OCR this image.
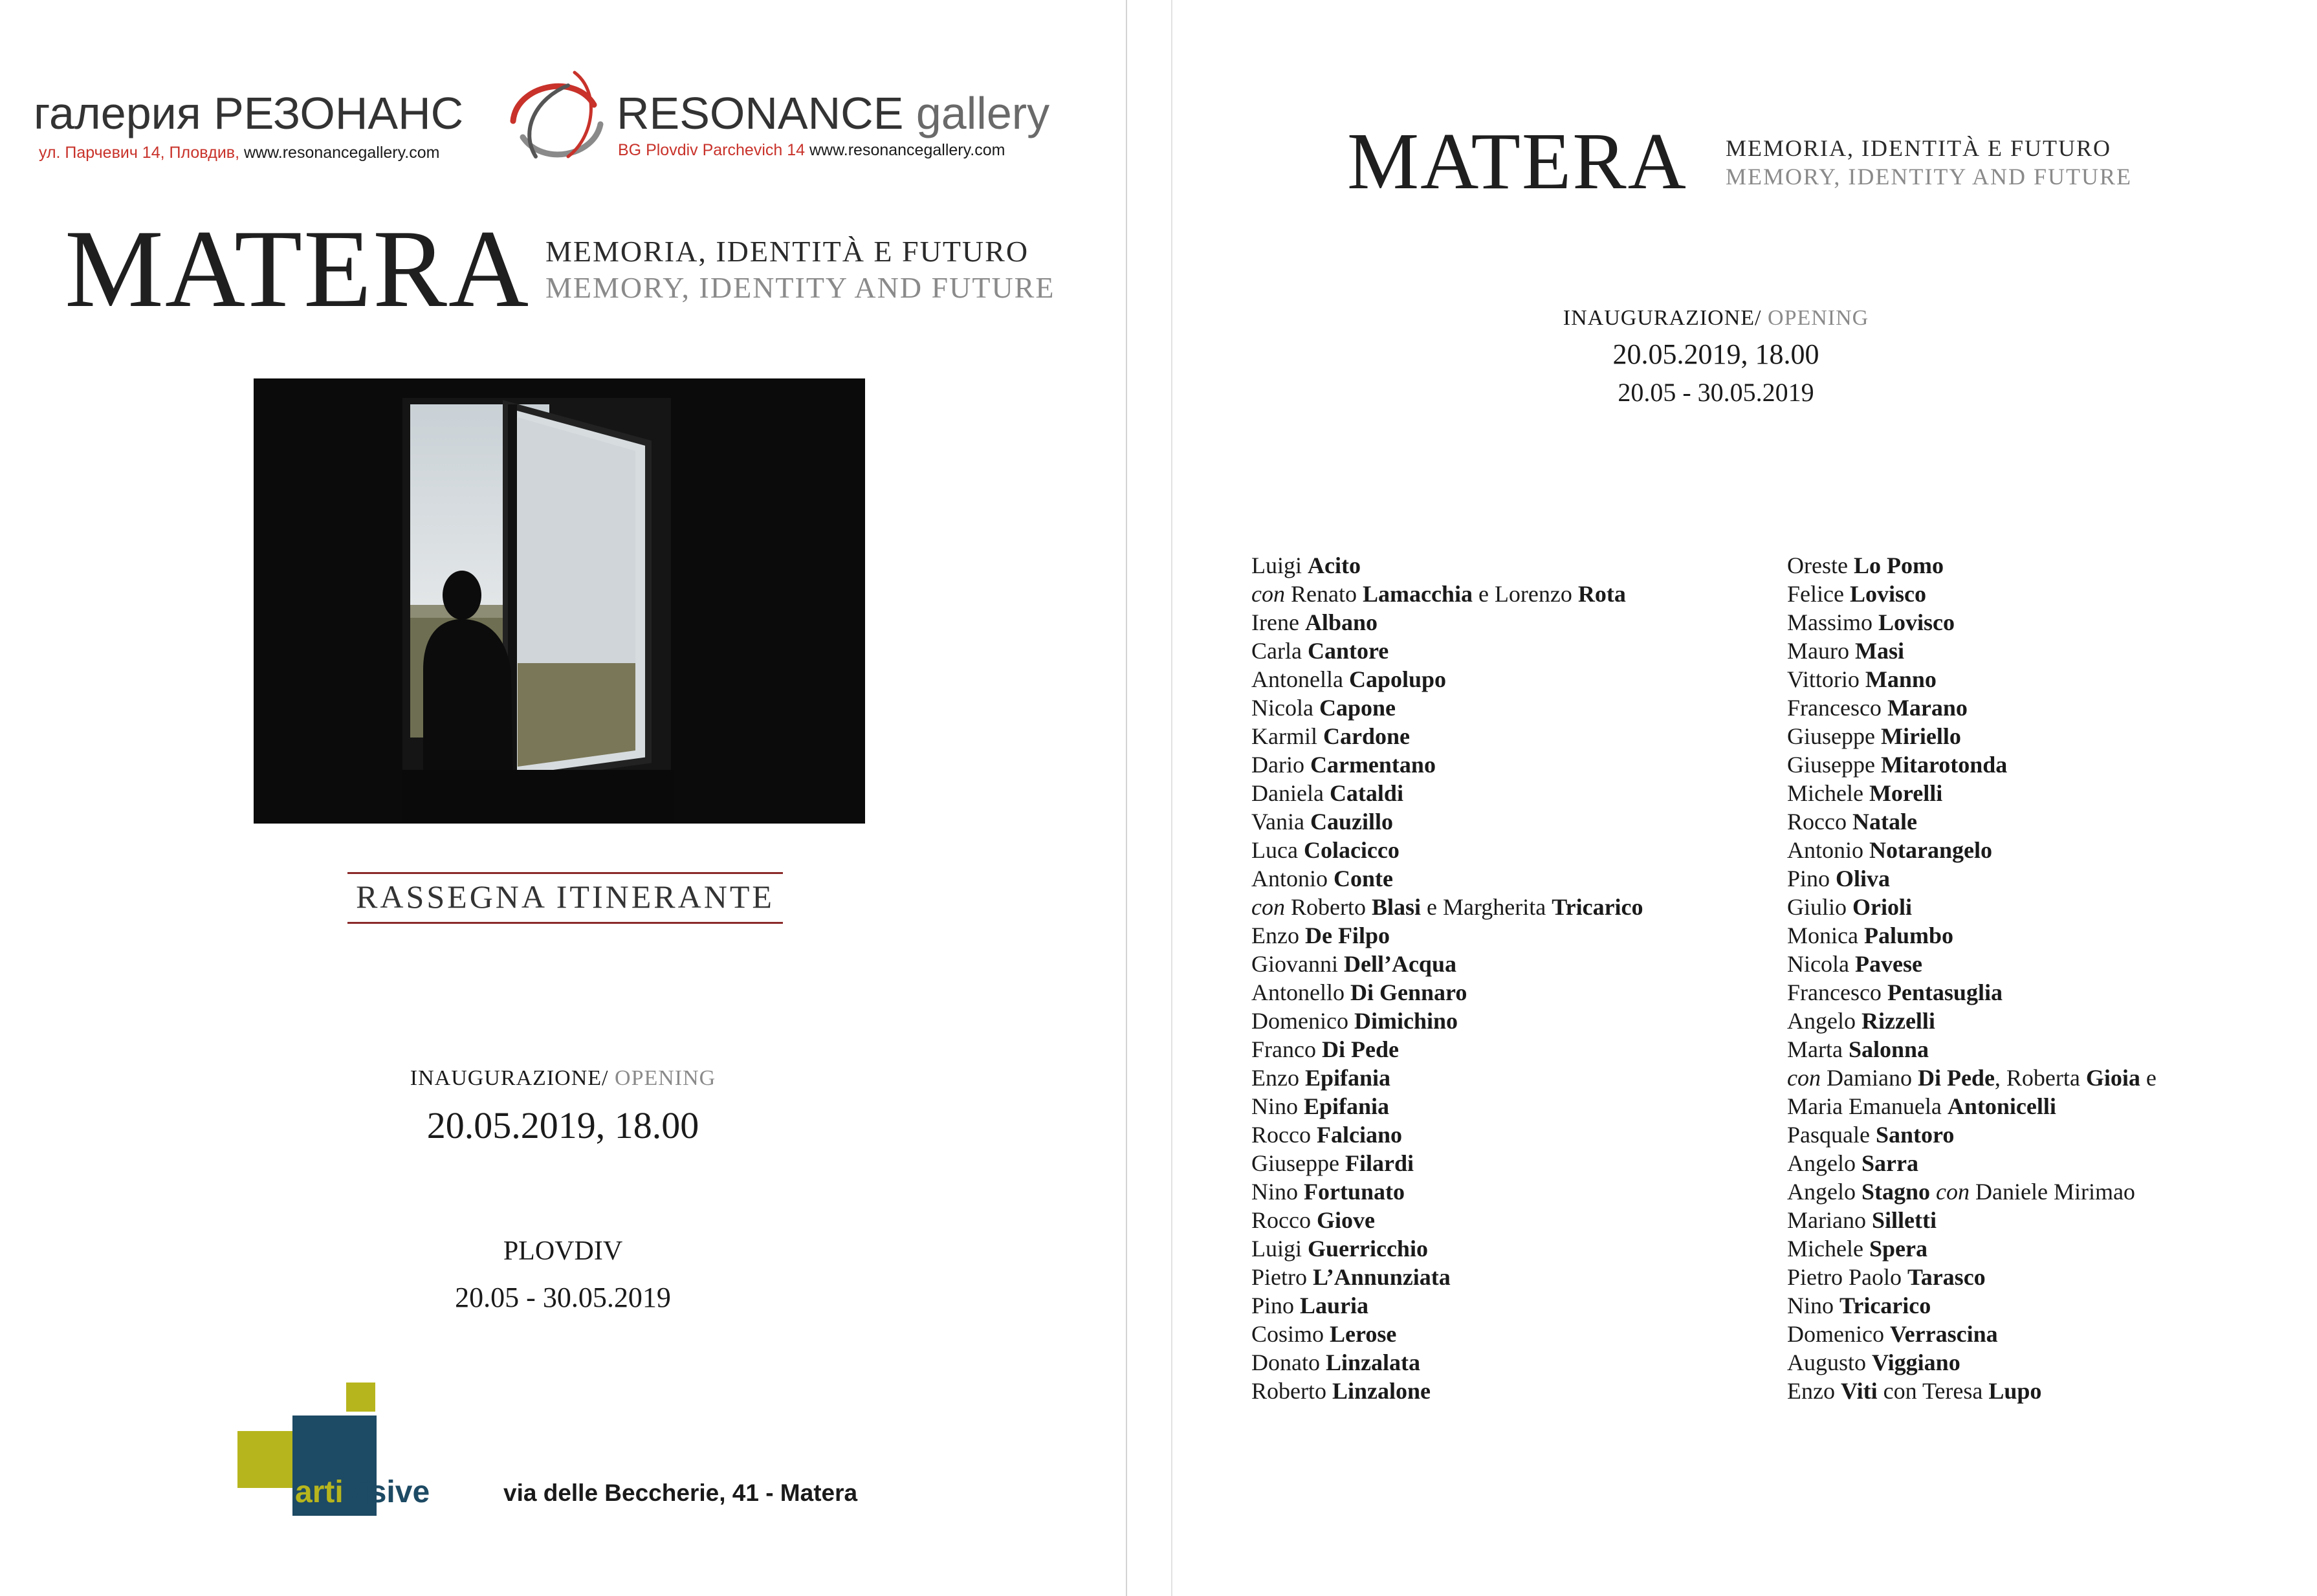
галерия РЕЗОНАНС	RESONANCE gallery
ул. Парчевич 14, Пловдив, www.resonancegallery.com	BG Plovdiv Parchevich 14 www.resonancegallery.com
MATERA MEMORIA, IDENTITÀ E FUTURO
MEMORY, IDENTITY AND FUTURE
RASSEGNA ITINERANTE
INAUGURAZIONE/ OPENING
20.05.2019, 18.00
PLOVDIV
20.05 - 30.05.2019
artivisive	via delle Beccherie, 41 - Matera
MATERA MEMORIA, IDENTITÀ E FUTURO
MEMORY, IDENTITY AND FUTURE
INAUGURAZIONE/ OPENING
20.05.2019, 18.00
20.05 - 30.05.2019
Luigi Acito
con Renato Lamacchia e Lorenzo Rota
Irene Albano
Carla Cantore
Antonella Capolupo
Nicola Capone
Karmil Cardone
Dario Carmentano
Daniela Cataldi
Vania Cauzillo
Luca Colacicco
Antonio Conte
con Roberto Blasi e Margherita Tricarico
Enzo De Filpo
Giovanni Dell’Acqua
Antonello Di Gennaro
Domenico Dimichino
Franco Di Pede
Enzo Epifania
Nino Epifania
Rocco Falciano
Giuseppe Filardi
Nino Fortunato
Rocco Giove
Luigi Guerricchio
Pietro L’Annunziata
Pino Lauria
Cosimo Lerose
Donato Linzalata
Roberto Linzalone
Oreste Lo Pomo
Felice Lovisco
Massimo Lovisco
Mauro Masi
Vittorio Manno
Francesco Marano
Giuseppe Miriello
Giuseppe Mitarotonda
Michele Morelli
Rocco Natale
Antonio Notarangelo
Pino Oliva
Giulio Orioli
Monica Palumbo
Nicola Pavese
Francesco Pentasuglia
Angelo Rizzelli
Marta Salonna
con Damiano Di Pede, Roberta Gioia e
Maria Emanuela Antonicelli
Pasquale Santoro
Angelo Sarra
Angelo Stagno con Daniele Mirimao
Mariano Silletti
Michele Spera
Pietro Paolo Tarasco
Nino Tricarico
Domenico Verrascina
Augusto Viggiano
Enzo Viti con Teresa Lupo
